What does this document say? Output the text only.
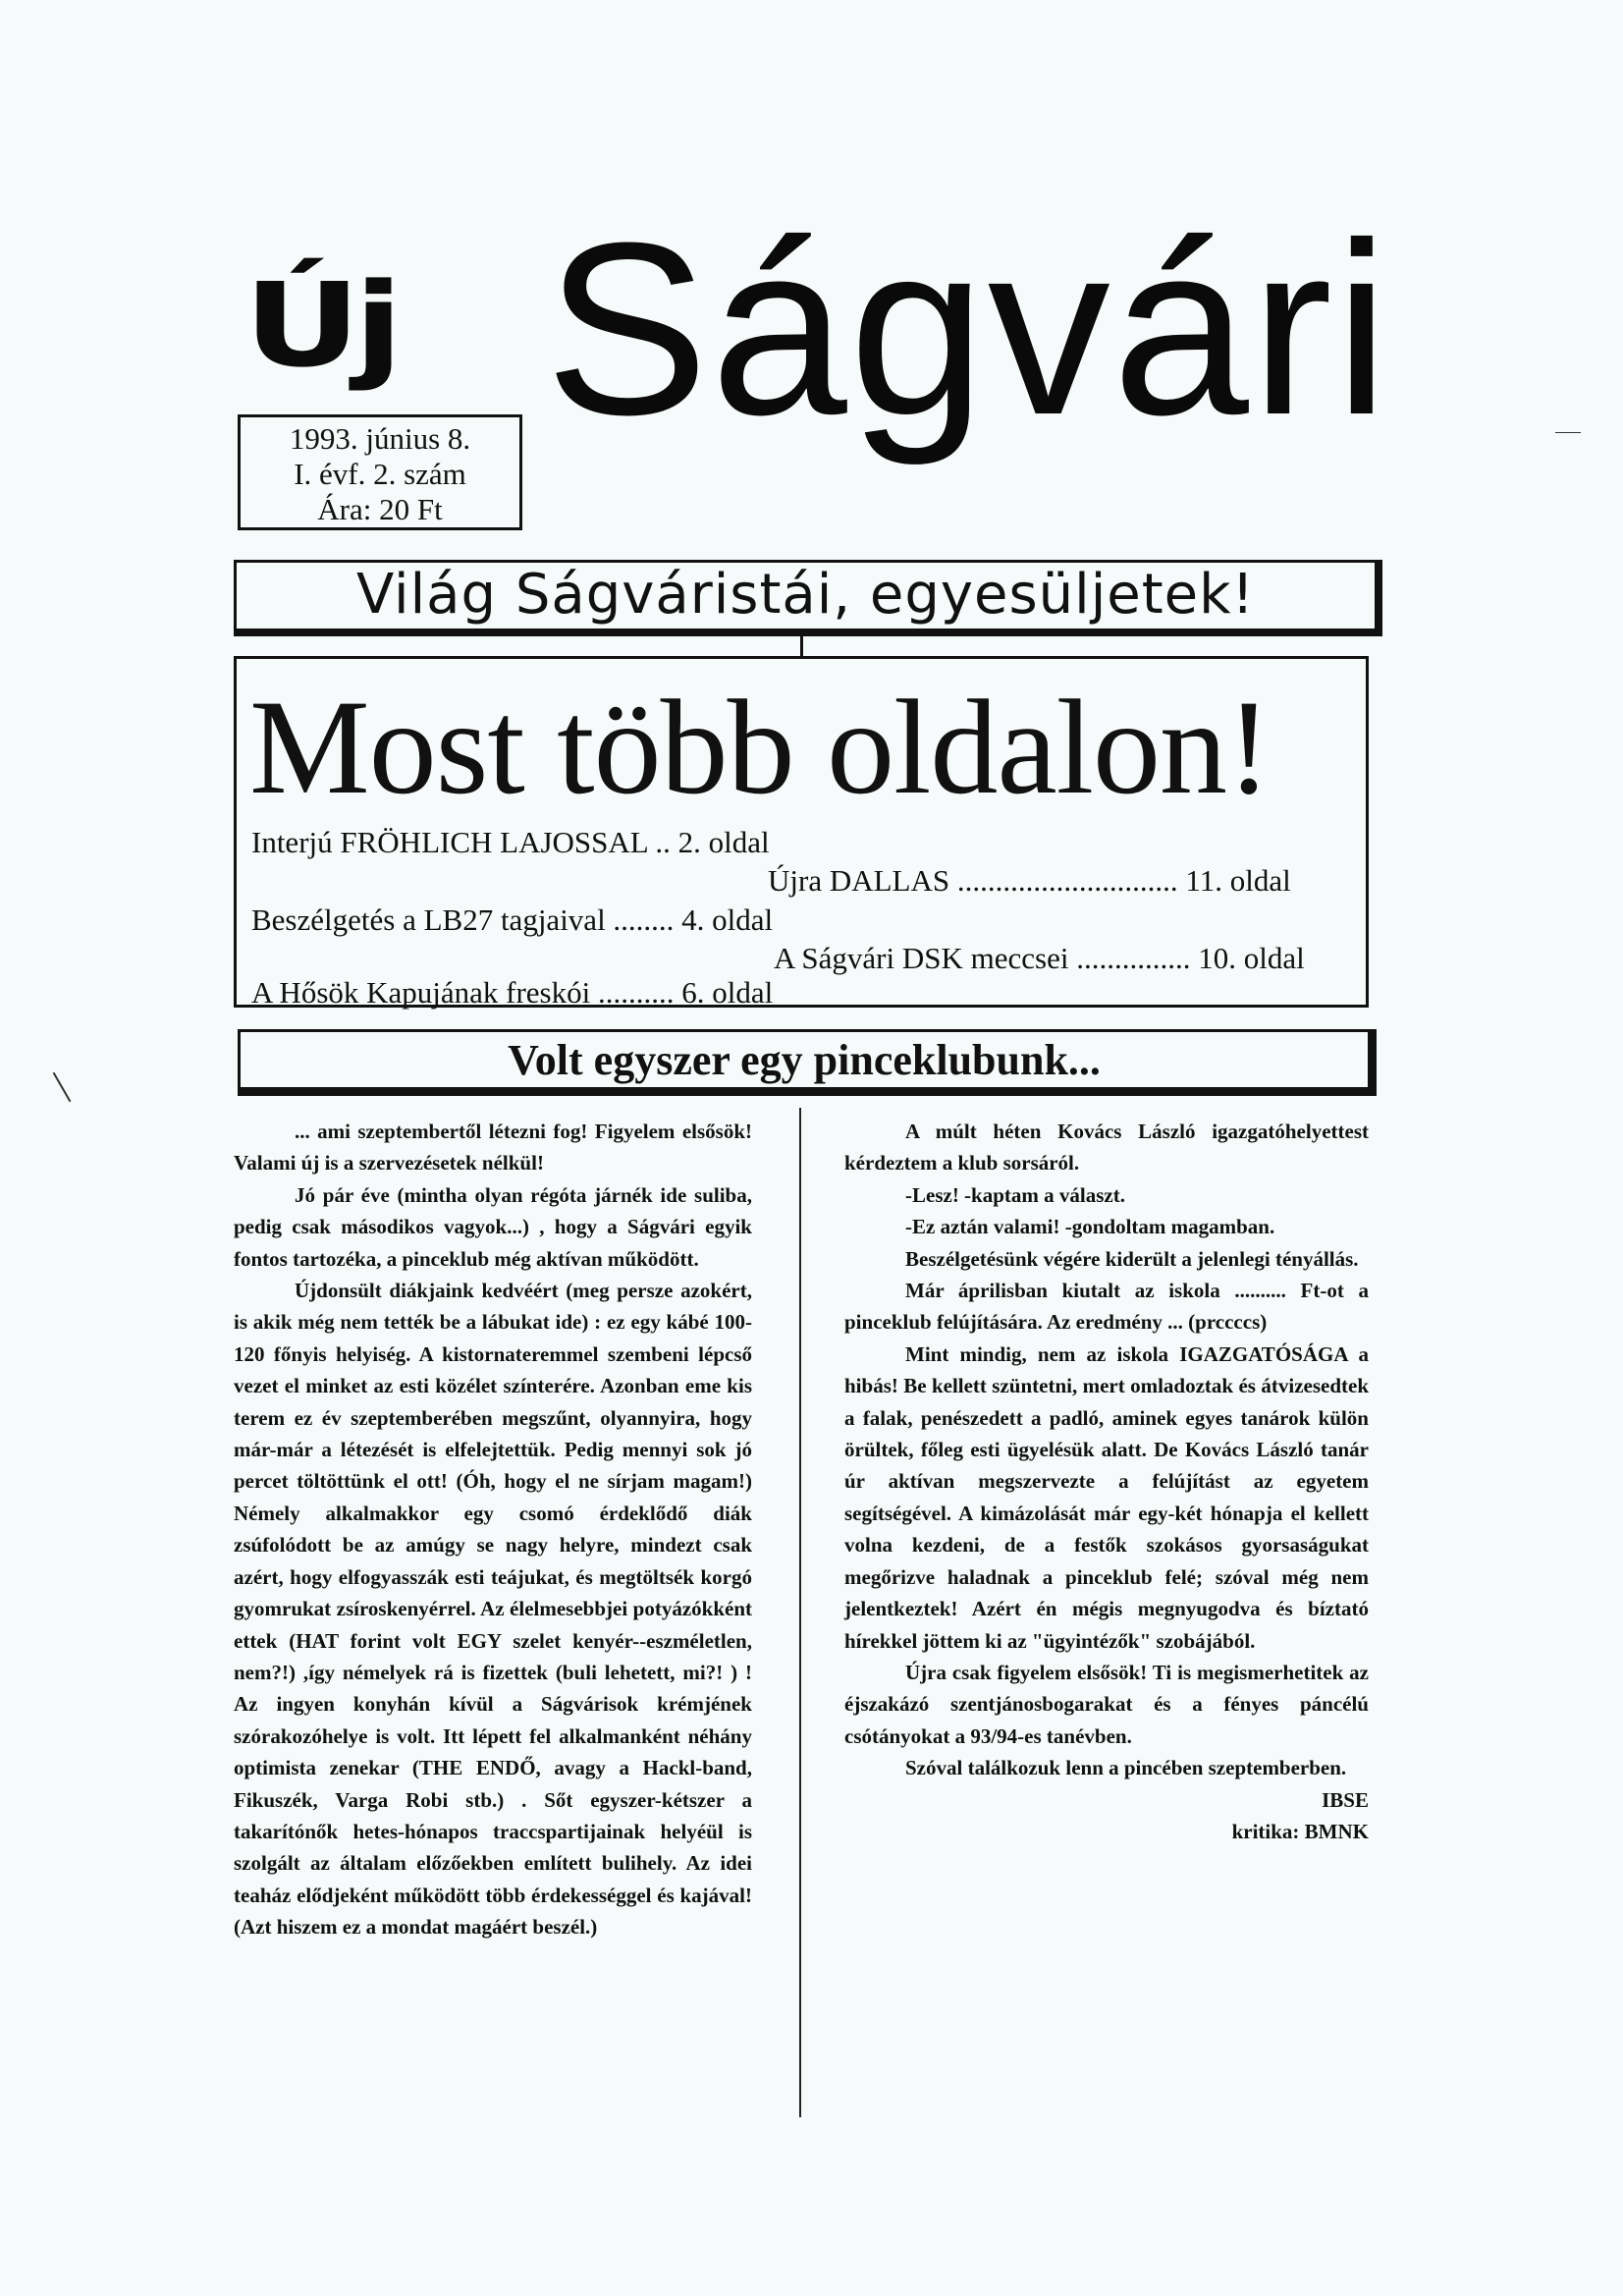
Új Ságvári
1993. június 8.
I. évf. 2. szám
Ára: 20 Ft
Világ Ságváristái, egyesüljetek!
Most több oldalon!
Interjú FRÖHLICH LAJOSSAL .. 2. oldal
Újra DALLAS ............................. 11. oldal
Beszélgetés a LB27 tagjaival ........ 4. oldal
A Ságvári DSK meccsei ............... 10. oldal
A Hősök Kapujának freskói .......... 6. oldal
Volt egyszer egy pinceklubunk...

... ami szeptembertől létezni fog! Figyelem elsősök! Valami új is a szervezésetek nélkül!

Jó pár éve (mintha olyan régóta járnék ide suliba, pedig csak másodikos vagyok...) , hogy a Ságvári egyik fontos tartozéka, a pinceklub még aktívan működött.

Újdonsült diákjaink kedvéért (meg persze azokért, is akik még nem tették be a lábukat ide) : ez egy kábé 100-120 főnyis helyiség. A kistornateremmel szembeni lépcső vezet el minket az esti közélet színterére. Azonban eme kis terem ez év szeptemberében megszűnt, olyannyira, hogy már-már a létezését is elfelejtettük. Pedig mennyi sok jó percet töltöttünk el ott! (Óh, hogy el ne sírjam magam!) Némely alkalmakkor egy csomó érdeklődő diák zsúfolódott be az amúgy se nagy helyre, mindezt csak azért, hogy elfogyasszák esti teájukat, és megtöltsék korgó gyomrukat zsíroskenyérrel. Az élelmesebbjei potyázókként ettek (HAT forint volt EGY szelet kenyér--eszméletlen, nem?!) ,így némelyek rá is fizettek (buli lehetett, mi?! ) ! Az ingyen konyhán kívül a Ságvárisok krémjének szórakozóhelye is volt. Itt lépett fel alkalmanként néhány optimista zenekar (THE ENDŐ, avagy a Hackl-band, Fikuszék, Varga Robi stb.) . Sőt egyszer-kétszer a takarítónők hetes-hónapos traccspartijainak helyéül is szolgált az általam előzőekben említett bulihely. Az idei teaház elődjeként működött több érdekességgel és kajával! (Azt hiszem ez a mondat magáért beszél.)

A múlt héten Kovács László igazgatóhelyettest kérdeztem a klub sorsáról.

-Lesz! -kaptam a választ.

-Ez aztán valami! -gondoltam magamban.

Beszélgetésünk végére kiderült a jelenlegi tényállás.

Már áprilisban kiutalt az iskola .......... Ft-ot a pinceklub felújítására. Az eredmény ... (prccccs)

Mint mindig, nem az iskola IGAZGATÓSÁGA a hibás! Be kellett szüntetni, mert omladoztak és átvizesedtek a falak, penészedett a padló, aminek egyes tanárok külön örültek, főleg esti ügyelésük alatt. De Kovács László tanár úr aktívan megszervezte a felújítást az egyetem segítségével. A kimázolását már egy-két hónapja el kellett volna kezdeni, de a festők szokásos gyorsaságukat megőrizve haladnak a pinceklub felé; szóval még nem jelentkeztek! Azért én mégis megnyugodva és bíztató hírekkel jöttem ki az "ügyintézők" szobájából.

Újra csak figyelem elsősök! Ti is megismerhetitek az éjszakázó szentjánosbogarakat és a fényes páncélú csótányokat a 93/94-es tanévben.

Szóval találkozuk lenn a pincében szeptemberben.

IBSE

kritika: BMNK
